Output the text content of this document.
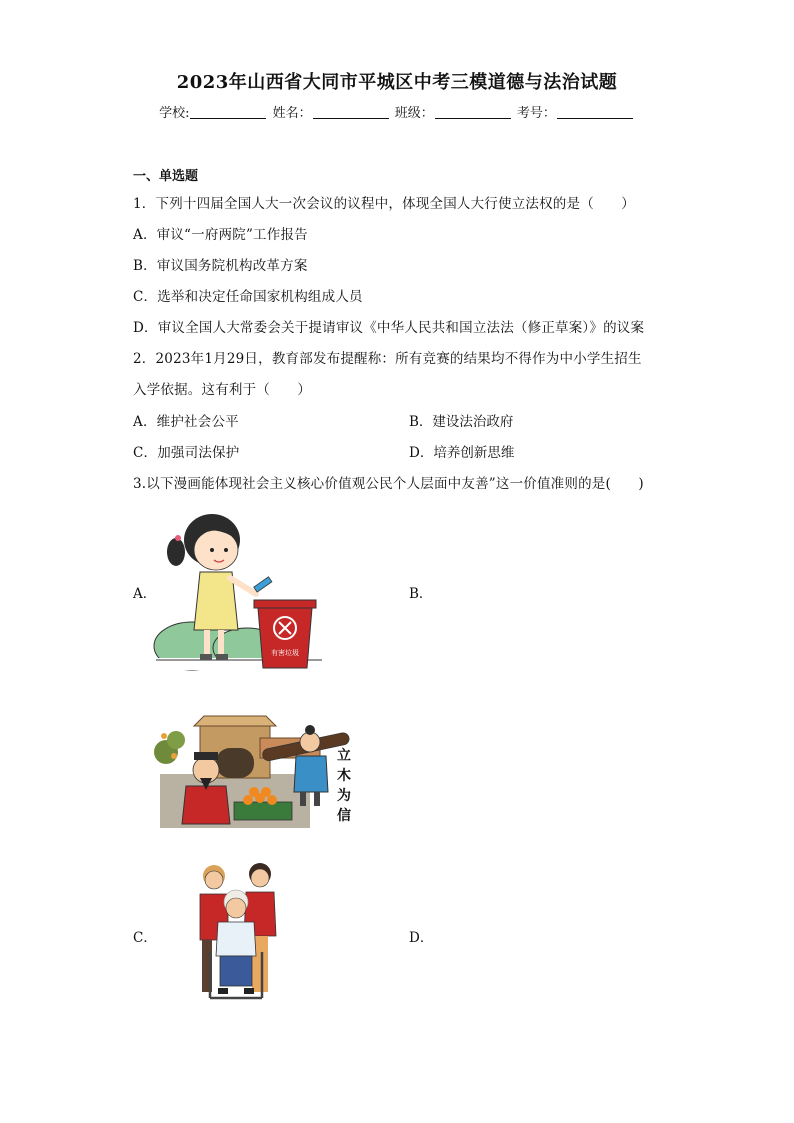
2023年山西省大同市平城区中考三模道德与法治试题
学校:	姓名：	班级：	考号：
一、单选题
1．下列十四届全国人大一次会议的议程中，体现全国人大行使立法权的是（　　）
A．审议“一府两院”工作报告
B．审议国务院机构改革方案
C．选举和决定任命国家机构组成人员
D．审议全国人大常委会关于提请审议《中华人民共和国立法法（修正草案）》的议案
2．2023年1月29日，教育部发布提醒称：所有竞赛的结果均不得作为中小学生招生
入学依据。这有利于（　　）
A．维护社会公平	B．建设法治政府
C．加强司法保护	D．培养创新思维
3.以下漫画能体现社会主义核心价值观公民个人层面中友善”这一价值准则的是(　　)
A．	B．
C．	D．
有害垃圾
立
木
为
信
